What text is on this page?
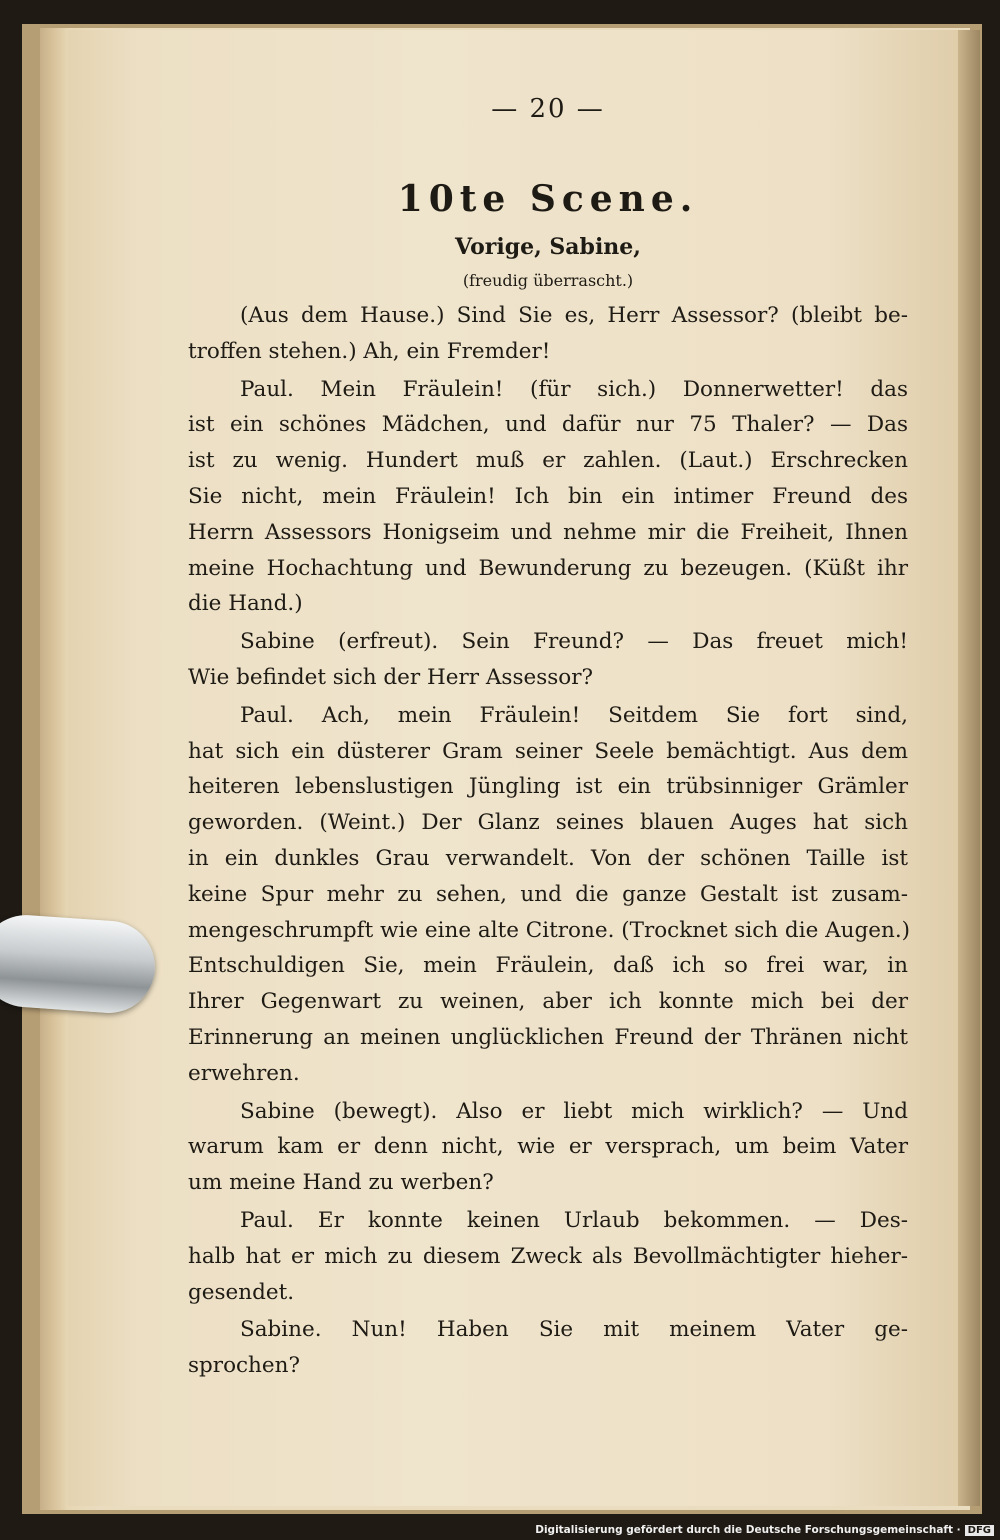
— 20 —
10te Scene.
Vorige, Sabine,
(freudig überrascht.)
(Aus dem Hause.) Sind Sie es, Herr Assessor? (bleibt be-
troffen stehen.) Ah, ein Fremder!
Paul. Mein Fräulein! (für sich.) Donnerwetter! das
ist ein schönes Mädchen, und dafür nur 75 Thaler? — Das
ist zu wenig. Hundert muß er zahlen. (Laut.) Erschrecken
Sie nicht, mein Fräulein! Ich bin ein intimer Freund des
Herrn Assessors Honigseim und nehme mir die Freiheit, Ihnen
meine Hochachtung und Bewunderung zu bezeugen. (Küßt ihr
die Hand.)
Sabine (erfreut). Sein Freund? — Das freuet mich!
Wie befindet sich der Herr Assessor?
Paul. Ach, mein Fräulein! Seitdem Sie fort sind,
hat sich ein düsterer Gram seiner Seele bemächtigt. Aus dem
heiteren lebenslustigen Jüngling ist ein trübsinniger Grämler
geworden. (Weint.) Der Glanz seines blauen Auges hat sich
in ein dunkles Grau verwandelt. Von der schönen Taille ist
keine Spur mehr zu sehen, und die ganze Gestalt ist zusam-
mengeschrumpft wie eine alte Citrone. (Trocknet sich die Augen.)
Entschuldigen Sie, mein Fräulein, daß ich so frei war, in
Ihrer Gegenwart zu weinen, aber ich konnte mich bei der
Erinnerung an meinen unglücklichen Freund der Thränen nicht
erwehren.
Sabine (bewegt). Also er liebt mich wirklich? — Und
warum kam er denn nicht, wie er versprach, um beim Vater
um meine Hand zu werben?
Paul. Er konnte keinen Urlaub bekommen. — Des-
halb hat er mich zu diesem Zweck als Bevollmächtigter hieher-
gesendet.
Sabine. Nun! Haben Sie mit meinem Vater ge-
sprochen?
Digitalisierung gefördert durch die Deutsche Forschungsgemeinschaft · DFG
